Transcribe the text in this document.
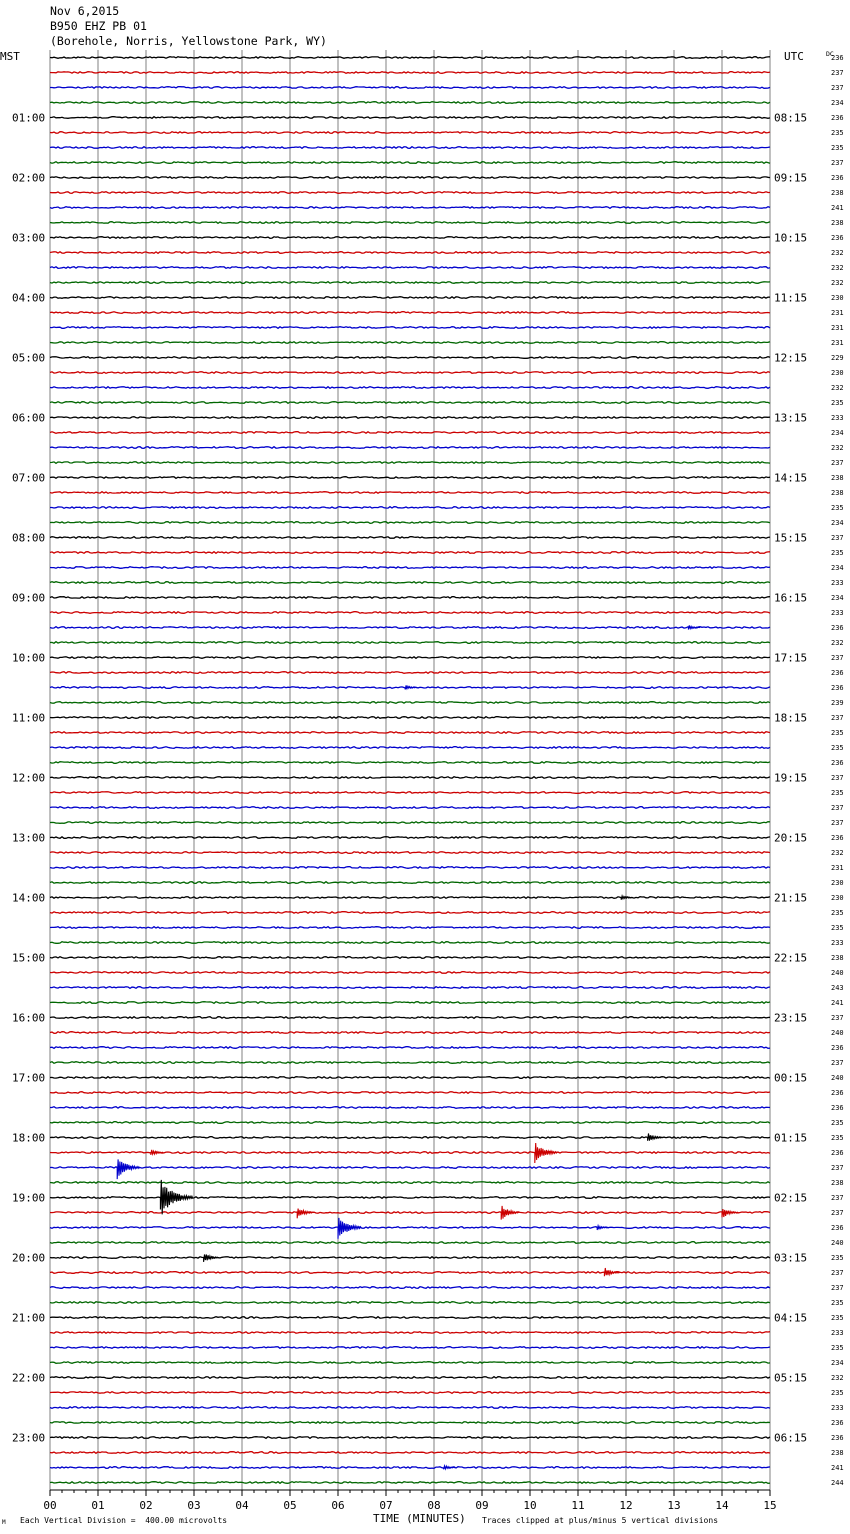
Nov 6,2015
B950 EHZ PB 01
(Borehole, Norris, Yellowstone Park, WY)
01:00
02:00
03:00
04:00
05:00
06:00
07:00
08:00
09:00
10:00
11:00
12:00
13:00
14:00
15:00
16:00
17:00
18:00
19:00
20:00
21:00
22:00
23:00
08:15
09:15
10:15
11:15
12:15
13:15
14:15
15:15
16:15
17:15
18:15
19:15
20:15
21:15
22:15
23:15
00:15
01:15
02:15
03:15
04:15
05:15
06:15
236
237
237
234
236
235
235
237
236
238
241
238
236
232
232
232
230
231
231
231
229
230
232
235
233
234
232
237
238
238
235
234
237
235
234
233
234
233
236
232
237
236
236
239
237
235
235
236
237
235
237
237
236
232
231
230
230
235
235
233
238
240
243
241
237
240
236
237
240
236
236
235
235
236
237
238
237
237
236
240
235
237
237
235
235
233
235
234
232
235
233
236
236
238
241
244
00	01	02	03	04	05	06	07	08	09	10	11	12	13	14	15
MST	UTC	DC
M Each Vertical Division =  400.00 microvolts	TIME (MINUTES) Traces clipped at plus/minus 5 vertical divisions
